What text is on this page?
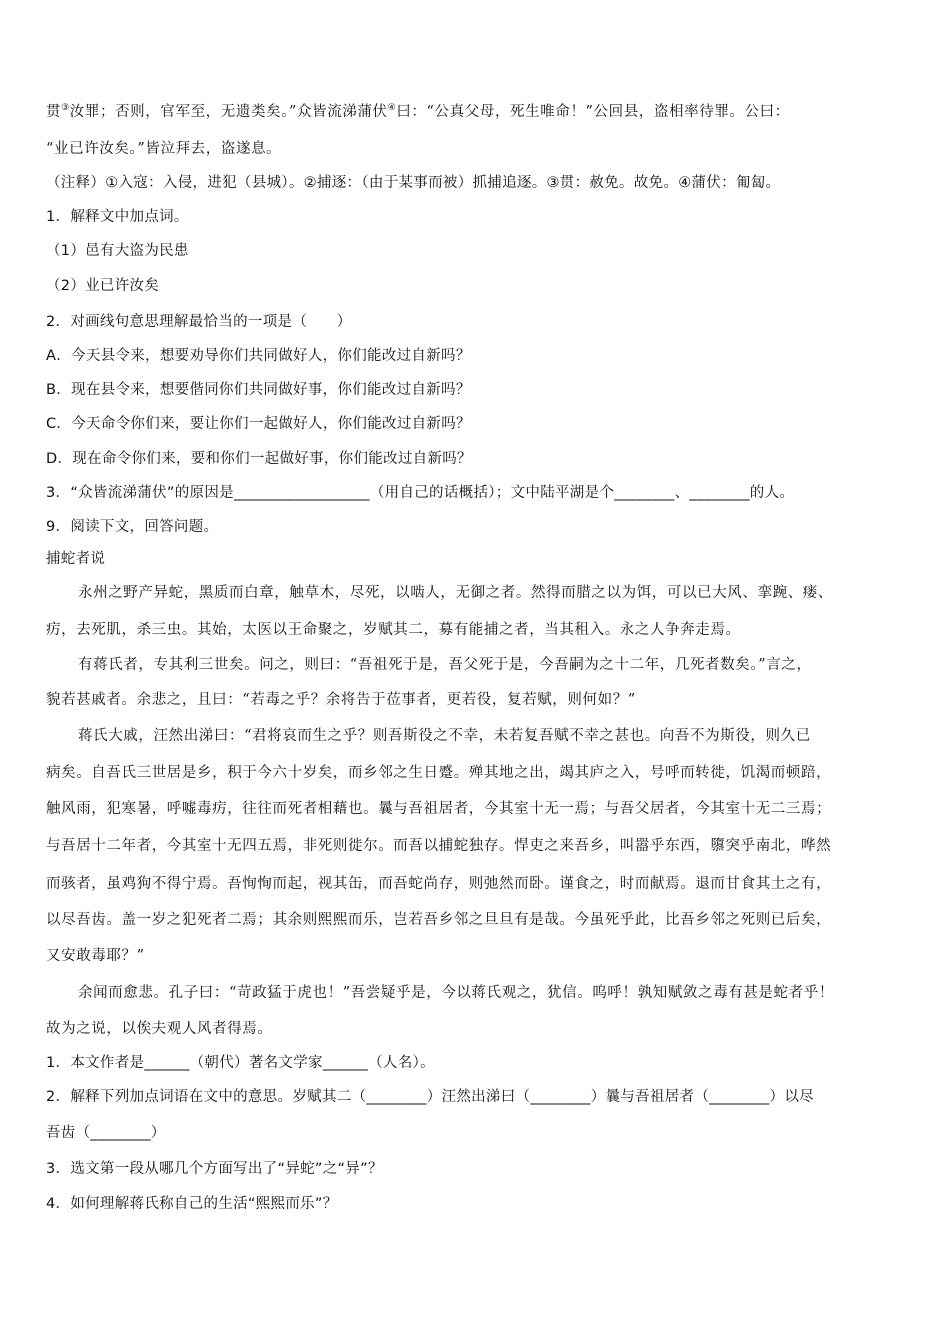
贯③汝罪；否则，官军至，无遗类矣。”众皆流涕蒲伏④曰：“公真父母，死生唯命！”公回县，盗相率待罪。公曰：
“业已许汝矣。”皆泣拜去，盗遂息。
（注释）①入寇：入侵，进犯（县城）。②捕逐：（由于某事而被）抓捕追逐。③贯：赦免。故免。④蒲伏：匍匐。
1．解释文中加点词。
（1）邑有大盗为民患
（2）业已许汝矣
2．对画线句意思理解最恰当的一项是（　　）
A．今天县令来，想要劝导你们共同做好人，你们能改过自新吗？
B．现在县令来，想要偕同你们共同做好事，你们能改过自新吗？
C．今天命令你们来，要让你们一起做好人，你们能改过自新吗？
D．现在命令你们来，要和你们一起做好事，你们能改过自新吗？
3．“众皆流涕蒲伏”的原因是__________________（用自己的话概括）；文中陆平湖是个________、________的人。
9．阅读下文，回答问题。
捕蛇者说
永州之野产异蛇，黑质而白章，触草木，尽死，以啮人，无御之者。然得而腊之以为饵，可以已大风、挛踠、瘘、
疠，去死肌，杀三虫。其始，太医以王命聚之，岁赋其二，募有能捕之者，当其租入。永之人争奔走焉。
有蒋氏者，专其利三世矣。问之，则曰：“吾祖死于是，吾父死于是，今吾嗣为之十二年，几死者数矣。”言之，
貌若甚戚者。余悲之，且曰：“若毒之乎？余将告于莅事者，更若役，复若赋，则何如？”
蒋氏大戚，汪然出涕曰：“君将哀而生之乎？则吾斯役之不幸，未若复吾赋不幸之甚也。向吾不为斯役，则久已
病矣。自吾氏三世居是乡，积于今六十岁矣，而乡邻之生日蹙。殚其地之出，竭其庐之入，号呼而转徙，饥渴而顿踣，
触风雨，犯寒暑，呼嘘毒疠，往往而死者相藉也。曩与吾祖居者，今其室十无一焉；与吾父居者，今其室十无二三焉；
与吾居十二年者，今其室十无四五焉，非死则徙尔。而吾以捕蛇独存。悍吏之来吾乡，叫嚣乎东西，隳突乎南北，哗然
而骇者，虽鸡狗不得宁焉。吾恂恂而起，视其缶，而吾蛇尚存，则弛然而卧。谨食之，时而献焉。退而甘食其土之有，
以尽吾齿。盖一岁之犯死者二焉；其余则熙熙而乐，岂若吾乡邻之旦旦有是哉。今虽死乎此，比吾乡邻之死则已后矣，
又安敢毒耶？”
余闻而愈悲。孔子曰：“苛政猛于虎也！”吾尝疑乎是，今以蒋氏观之，犹信。呜呼！孰知赋敛之毒有甚是蛇者乎！
故为之说，以俟夫观人风者得焉。
1．本文作者是______（朝代）著名文学家______（人名）。
2．解释下列加点词语在文中的意思。岁赋其二（________）汪然出涕曰（________）曩与吾祖居者（________）以尽
吾齿（________）
3．选文第一段从哪几个方面写出了“异蛇”之“异”？
4．如何理解蒋氏称自己的生活“熙熙而乐”？
